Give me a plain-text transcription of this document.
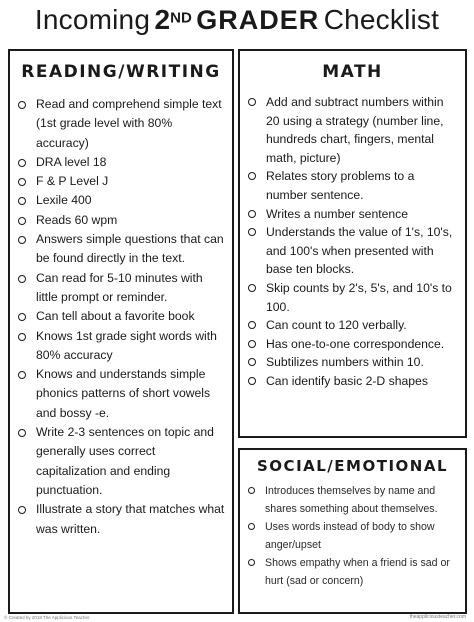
Incoming 2ND GRADER Checklist
READING/WRITING
Read and comprehend simple text (1st grade level with 80% accuracy)
DRA level 18
F & P Level J
Lexile 400
Reads 60 wpm
Answers simple questions that can be found directly in the text.
Can read for 5-10 minutes with little prompt or reminder.
Can tell about a favorite book
Knows 1st grade sight words with 80% accuracy
Knows and understands simple phonics patterns of short vowels and bossy -e.
Write 2-3 sentences on topic and generally uses correct capitalization and ending punctuation.
Illustrate a story that matches what was written.
MATH
Add and subtract numbers within 20 using a strategy (number line, hundreds chart, fingers, mental math, picture)
Relates story problems to a number sentence.
Writes a number sentence
Understands the value of 1's, 10's, and 100's when presented with base ten blocks.
Skip counts by 2's, 5's, and 10's to 100.
Can count to 120 verbally.
Has one-to-one correspondence.
Subtilizes numbers within 10.
Can identify basic 2-D shapes
SOCIAL/EMOTIONAL
Introduces themselves by name and shares something about themselves.
Uses words instead of body to show anger/upset
Shows empathy when a friend is sad or hurt (sad or concern)
© Created by 2018 The Applicious Teacher	theappliciousteacher.com
